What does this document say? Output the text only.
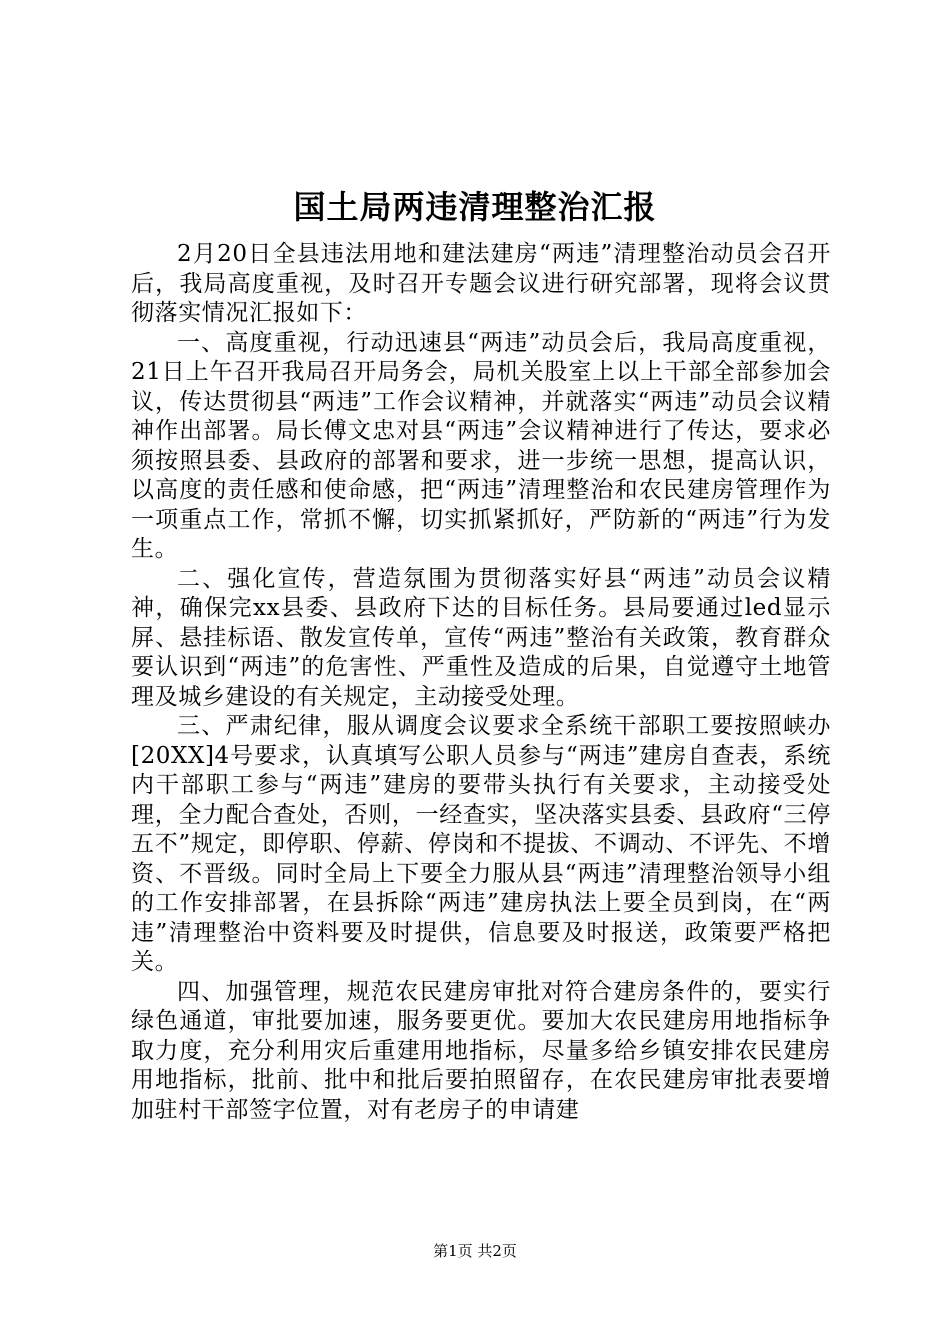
国土局两违清理整治汇报

2月20日全县违法用地和建法建房“两违”清理整治动员会召开后，我局高度重视，及时召开专题会议进行研究部署，现将会议贯彻落实情况汇报如下：

一、高度重视，行动迅速县“两违”动员会后，我局高度重视，21日上午召开我局召开局务会，局机关股室上以上干部全部参加会议，传达贯彻县“两违”工作会议精神，并就落实“两违”动员会议精神作出部署。局长傅文忠对县“两违”会议精神进行了传达，要求必须按照县委、县政府的部署和要求，进一步统一思想，提高认识，以高度的责任感和使命感，把“两违”清理整治和农民建房管理作为一项重点工作，常抓不懈，切实抓紧抓好，严防新的“两违”行为发生。

二、强化宣传，营造氛围为贯彻落实好县“两违”动员会议精神，确保完xx县委、县政府下达的目标任务。县局要通过led显示屏、悬挂标语、散发宣传单，宣传“两违”整治有关政策，教育群众要认识到“两违”的危害性、严重性及造成的后果，自觉遵守土地管理及城乡建设的有关规定，主动接受处理。

三、严肃纪律，服从调度会议要求全系统干部职工要按照峡办[20XX]4号要求，认真填写公职人员参与“两违”建房自查表，系统内干部职工参与“两违”建房的要带头执行有关要求，主动接受处理，全力配合查处，否则，一经查实，坚决落实县委、县政府“三停五不”规定，即停职、停薪、停岗和不提拔、不调动、不评先、不增资、不晋级。同时全局上下要全力服从县“两违”清理整治领导小组的工作安排部署，在县拆除“两违”建房执法上要全员到岗，在“两违”清理整治中资料要及时提供，信息要及时报送，政策要严格把关。

四、加强管理，规范农民建房审批对符合建房条件的，要实行绿色通道，审批要加速，服务要更优。要加大农民建房用地指标争取力度，充分利用灾后重建用地指标，尽量多给乡镇安排农民建房用地指标，批前、批中和批后要拍照留存，在农民建房审批表要增加驻村干部签字位置，对有老房子的申请建

第1页 共2页
